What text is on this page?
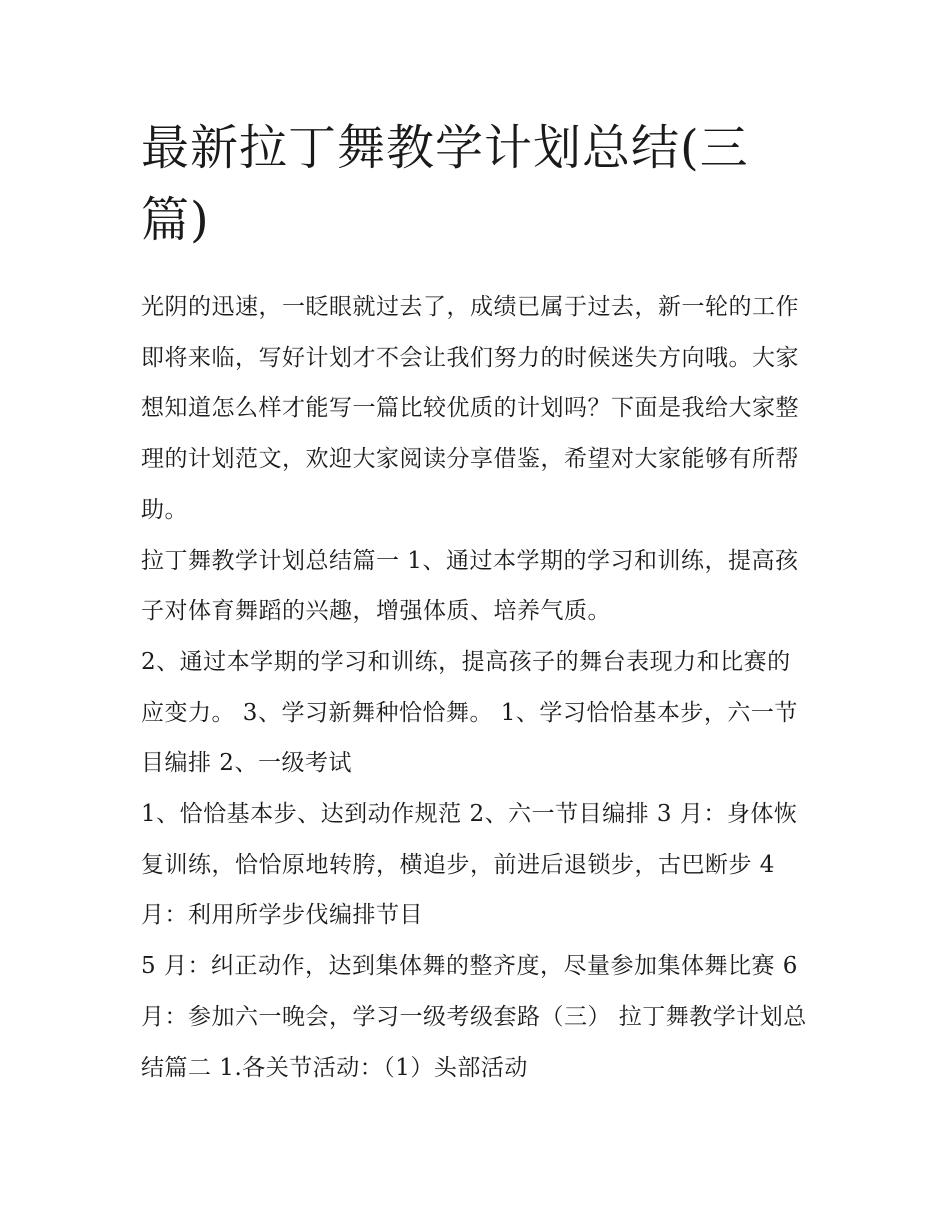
最新拉丁舞教学计划总结(三篇)

光阴的迅速，一眨眼就过去了，成绩已属于过去，新一轮的工作即将来临，写好计划才不会让我们努力的时候迷失方向哦。大家想知道怎么样才能写一篇比较优质的计划吗？下面是我给大家整理的计划范文，欢迎大家阅读分享借鉴，希望对大家能够有所帮助。

拉丁舞教学计划总结篇一 1、通过本学期的学习和训练，提高孩子对体育舞蹈的兴趣，增强体质、培养气质。

2、通过本学期的学习和训练，提高孩子的舞台表现力和比赛的应变力。 3、学习新舞种恰恰舞。 1、学习恰恰基本步，六一节目编排 2、一级考试

1、恰恰基本步、达到动作规范 2、六一节目编排 3 月：身体恢复训练，恰恰原地转胯，横追步，前进后退锁步，古巴断步 4 月：利用所学步伐编排节目

5 月：纠正动作，达到集体舞的整齐度，尽量参加集体舞比赛 6 月：参加六一晚会，学习一级考级套路（三） 拉丁舞教学计划总结篇二 1.各关节活动：（1）头部活动
